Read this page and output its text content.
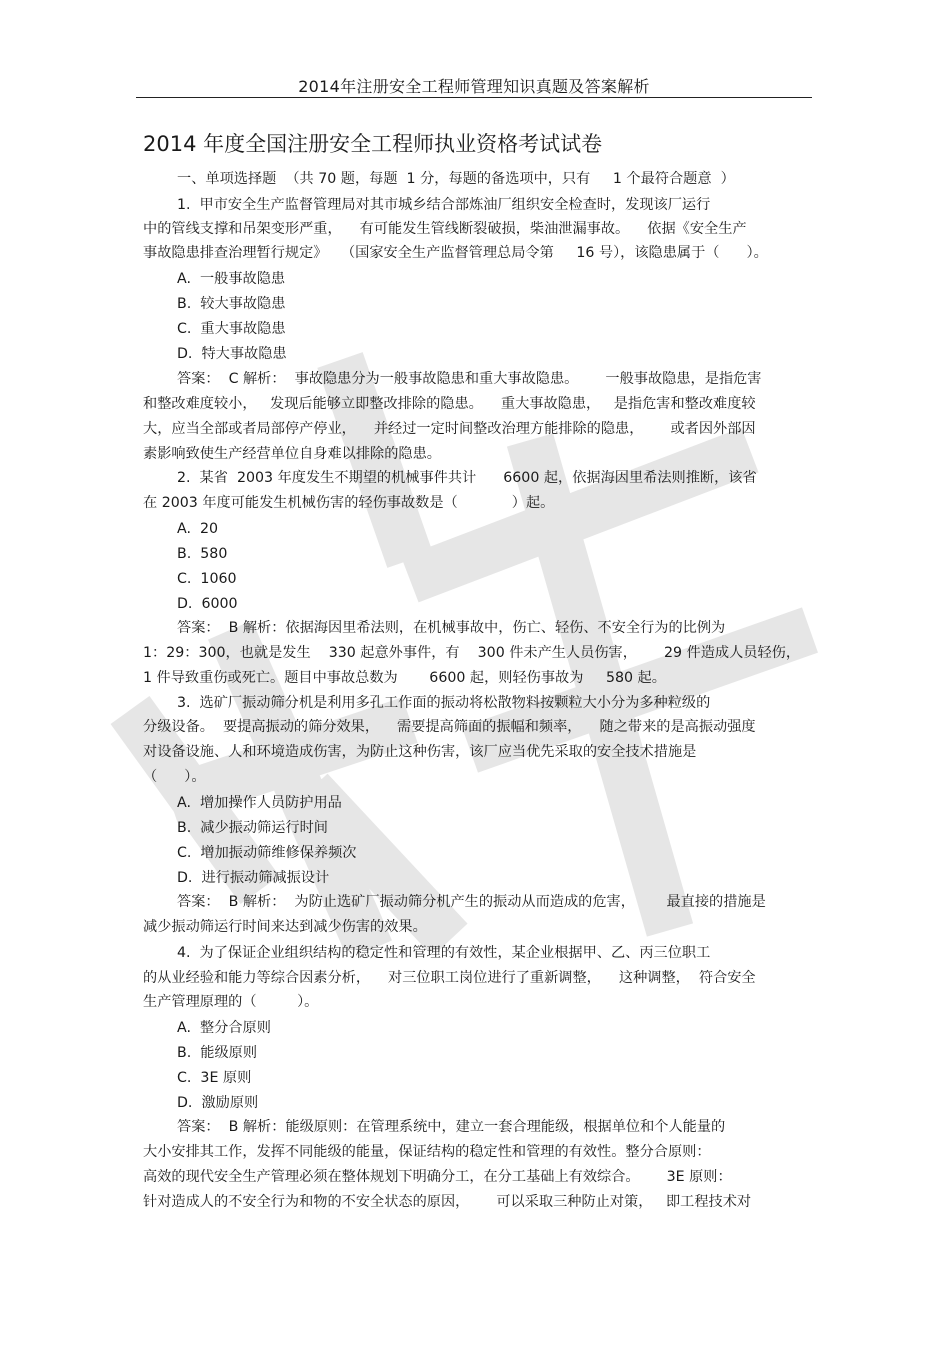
2014年注册安全工程师管理知识真题及答案解析
2014 年度全国注册安全工程师执业资格考试试卷
一、单项选择题  （共 70 题，每题  1 分，每题的备选项中，只有     1 个最符合题意  ）
1.  甲市安全生产监督管理局对其市城乡结合部炼油厂组织安全检查时，发现该厂运行
中的管线支撑和吊架变形严重，    有可能发生管线断裂破损，柴油泄漏事故。    依据《安全生产
事故隐患排查治理暂行规定》   （国家安全生产监督管理总局令第     16 号），该隐患属于（      ）。
A.  一般事故隐患
B.  较大事故隐患
C.  重大事故隐患
D.  特大事故隐患
答案：  C 解析：  事故隐患分为一般事故隐患和重大事故隐患。      一般事故隐患，是指危害
和整改难度较小，   发现后能够立即整改排除的隐患。    重大事故隐患，   是指危害和整改难度较
大，应当全部或者局部停产停业，    并经过一定时间整改治理方能排除的隐患，      或者因外部因
素影响致使生产经营单位自身难以排除的隐患。
2.  某省  2003 年度发生不期望的机械事件共计      6600 起，依据海因里希法则推断，该省
在 2003 年度可能发生机械伤害的轻伤事故数是（            ）起。
A.  20
B.  580
C.  1060
D.  6000
答案：  B 解析：依据海因里希法则，在机械事故中，伤亡、轻伤、不安全行为的比例为
1：29：300，也就是发生    330 起意外事件，有    300 件未产生人员伤害，      29 件造成人员轻伤，
1 件导致重伤或死亡。题目中事故总数为       6600 起，则轻伤事故为     580 起。
3.  选矿厂振动筛分机是利用多孔工作面的振动将松散物料按颗粒大小分为多种粒级的
分级设备。  要提高振动的筛分效果，    需要提高筛面的振幅和频率，    随之带来的是高振动强度
对设备设施、人和环境造成伤害，为防止这种伤害，该厂应当优先采取的安全技术措施是
（      ）。
A.  增加操作人员防护用品
B.  减少振动筛运行时间
C.  增加振动筛维修保养频次
D.  进行振动筛减振设计
答案：  B 解析：  为防止选矿厂振动筛分机产生的振动从而造成的危害，       最直接的措施是
减少振动筛运行时间来达到减少伤害的效果。
4.  为了保证企业组织结构的稳定性和管理的有效性，某企业根据甲、乙、丙三位职工
的从业经验和能力等综合因素分析，    对三位职工岗位进行了重新调整，    这种调整，  符合安全
生产管理原理的（         ）。
A.  整分合原则
B.  能级原则
C.  3E 原则
D.  激励原则
答案：  B 解析：能级原则：在管理系统中，建立一套合理能级，根据单位和个人能量的
大小安排其工作，发挥不同能级的能量，保证结构的稳定性和管理的有效性。整分合原则：
高效的现代安全生产管理必须在整体规划下明确分工，在分工基础上有效综合。      3E 原则：
针对造成人的不安全行为和物的不安全状态的原因，      可以采取三种防止对策，   即工程技术对
